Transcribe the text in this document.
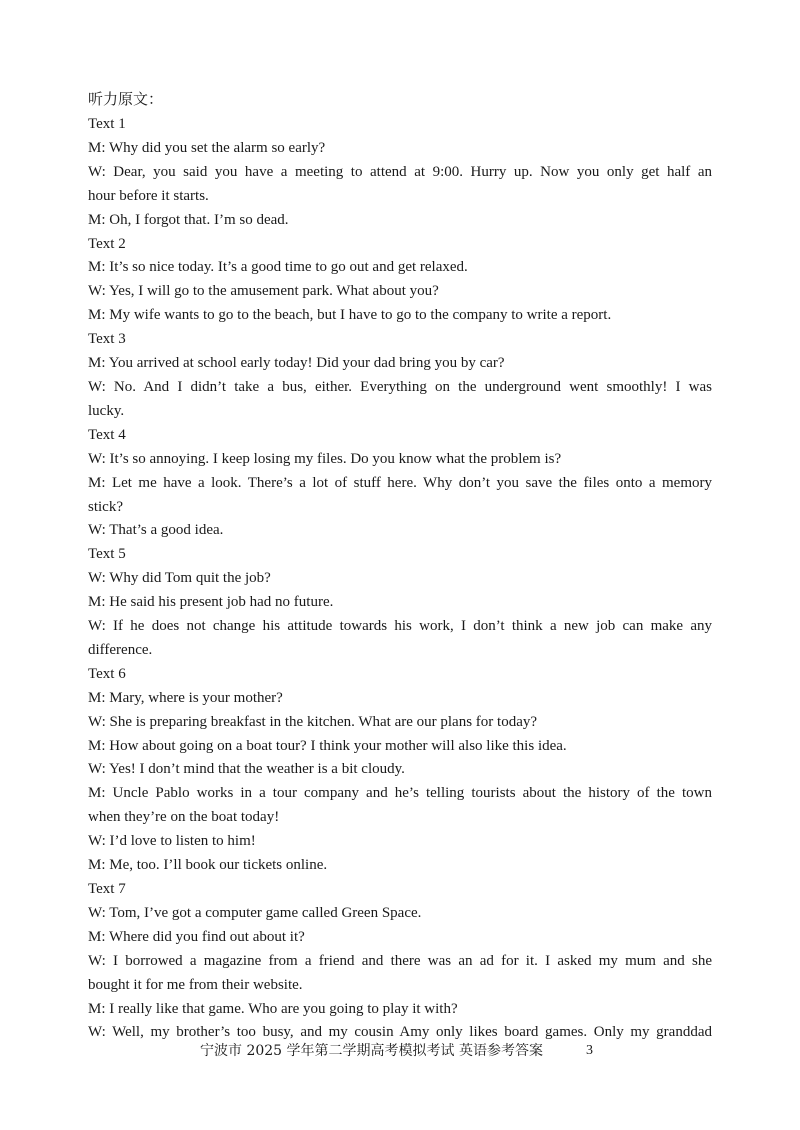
听力原文：
Text 1
M: Why did you set the alarm so early?
W: Dear, you said you have a meeting to attend at 9:00. Hurry up. Now you only get half an
hour before it starts.
M: Oh, I forgot that. I’m so dead.
Text 2
M: It’s so nice today. It’s a good time to go out and get relaxed.
W: Yes, I will go to the amusement park. What about you?
M: My wife wants to go to the beach, but I have to go to the company to write a report.
Text 3
M: You arrived at school early today! Did your dad bring you by car?
W: No. And I didn’t take a bus, either. Everything on the underground went smoothly! I was
lucky.
Text 4
W: It’s so annoying. I keep losing my files. Do you know what the problem is?
M: Let me have a look. There’s a lot of stuff here. Why don’t you save the files onto a memory
stick?
W: That’s a good idea.
Text 5
W: Why did Tom quit the job?
M: He said his present job had no future.
W: If he does not change his attitude towards his work, I don’t think a new job can make any
difference.
Text 6
M: Mary, where is your mother?
W: She is preparing breakfast in the kitchen. What are our plans for today?
M: How about going on a boat tour? I think your mother will also like this idea.
W: Yes! I don’t mind that the weather is a bit cloudy.
M: Uncle Pablo works in a tour company and he’s telling tourists about the history of the town
when they’re on the boat today!
W: I’d love to listen to him!
M: Me, too. I’ll book our tickets online.
Text 7
W: Tom, I’ve got a computer game called Green Space.
M: Where did you find out about it?
W: I borrowed a magazine from a friend and there was an ad for it. I asked my mum and she
bought it for me from their website.
M: I really like that game. Who are you going to play it with?
W: Well, my brother’s too busy, and my cousin Amy only likes board games. Only my granddad
宁波市 2025 学年第二学期高考模拟考试 英语参考答案	3
